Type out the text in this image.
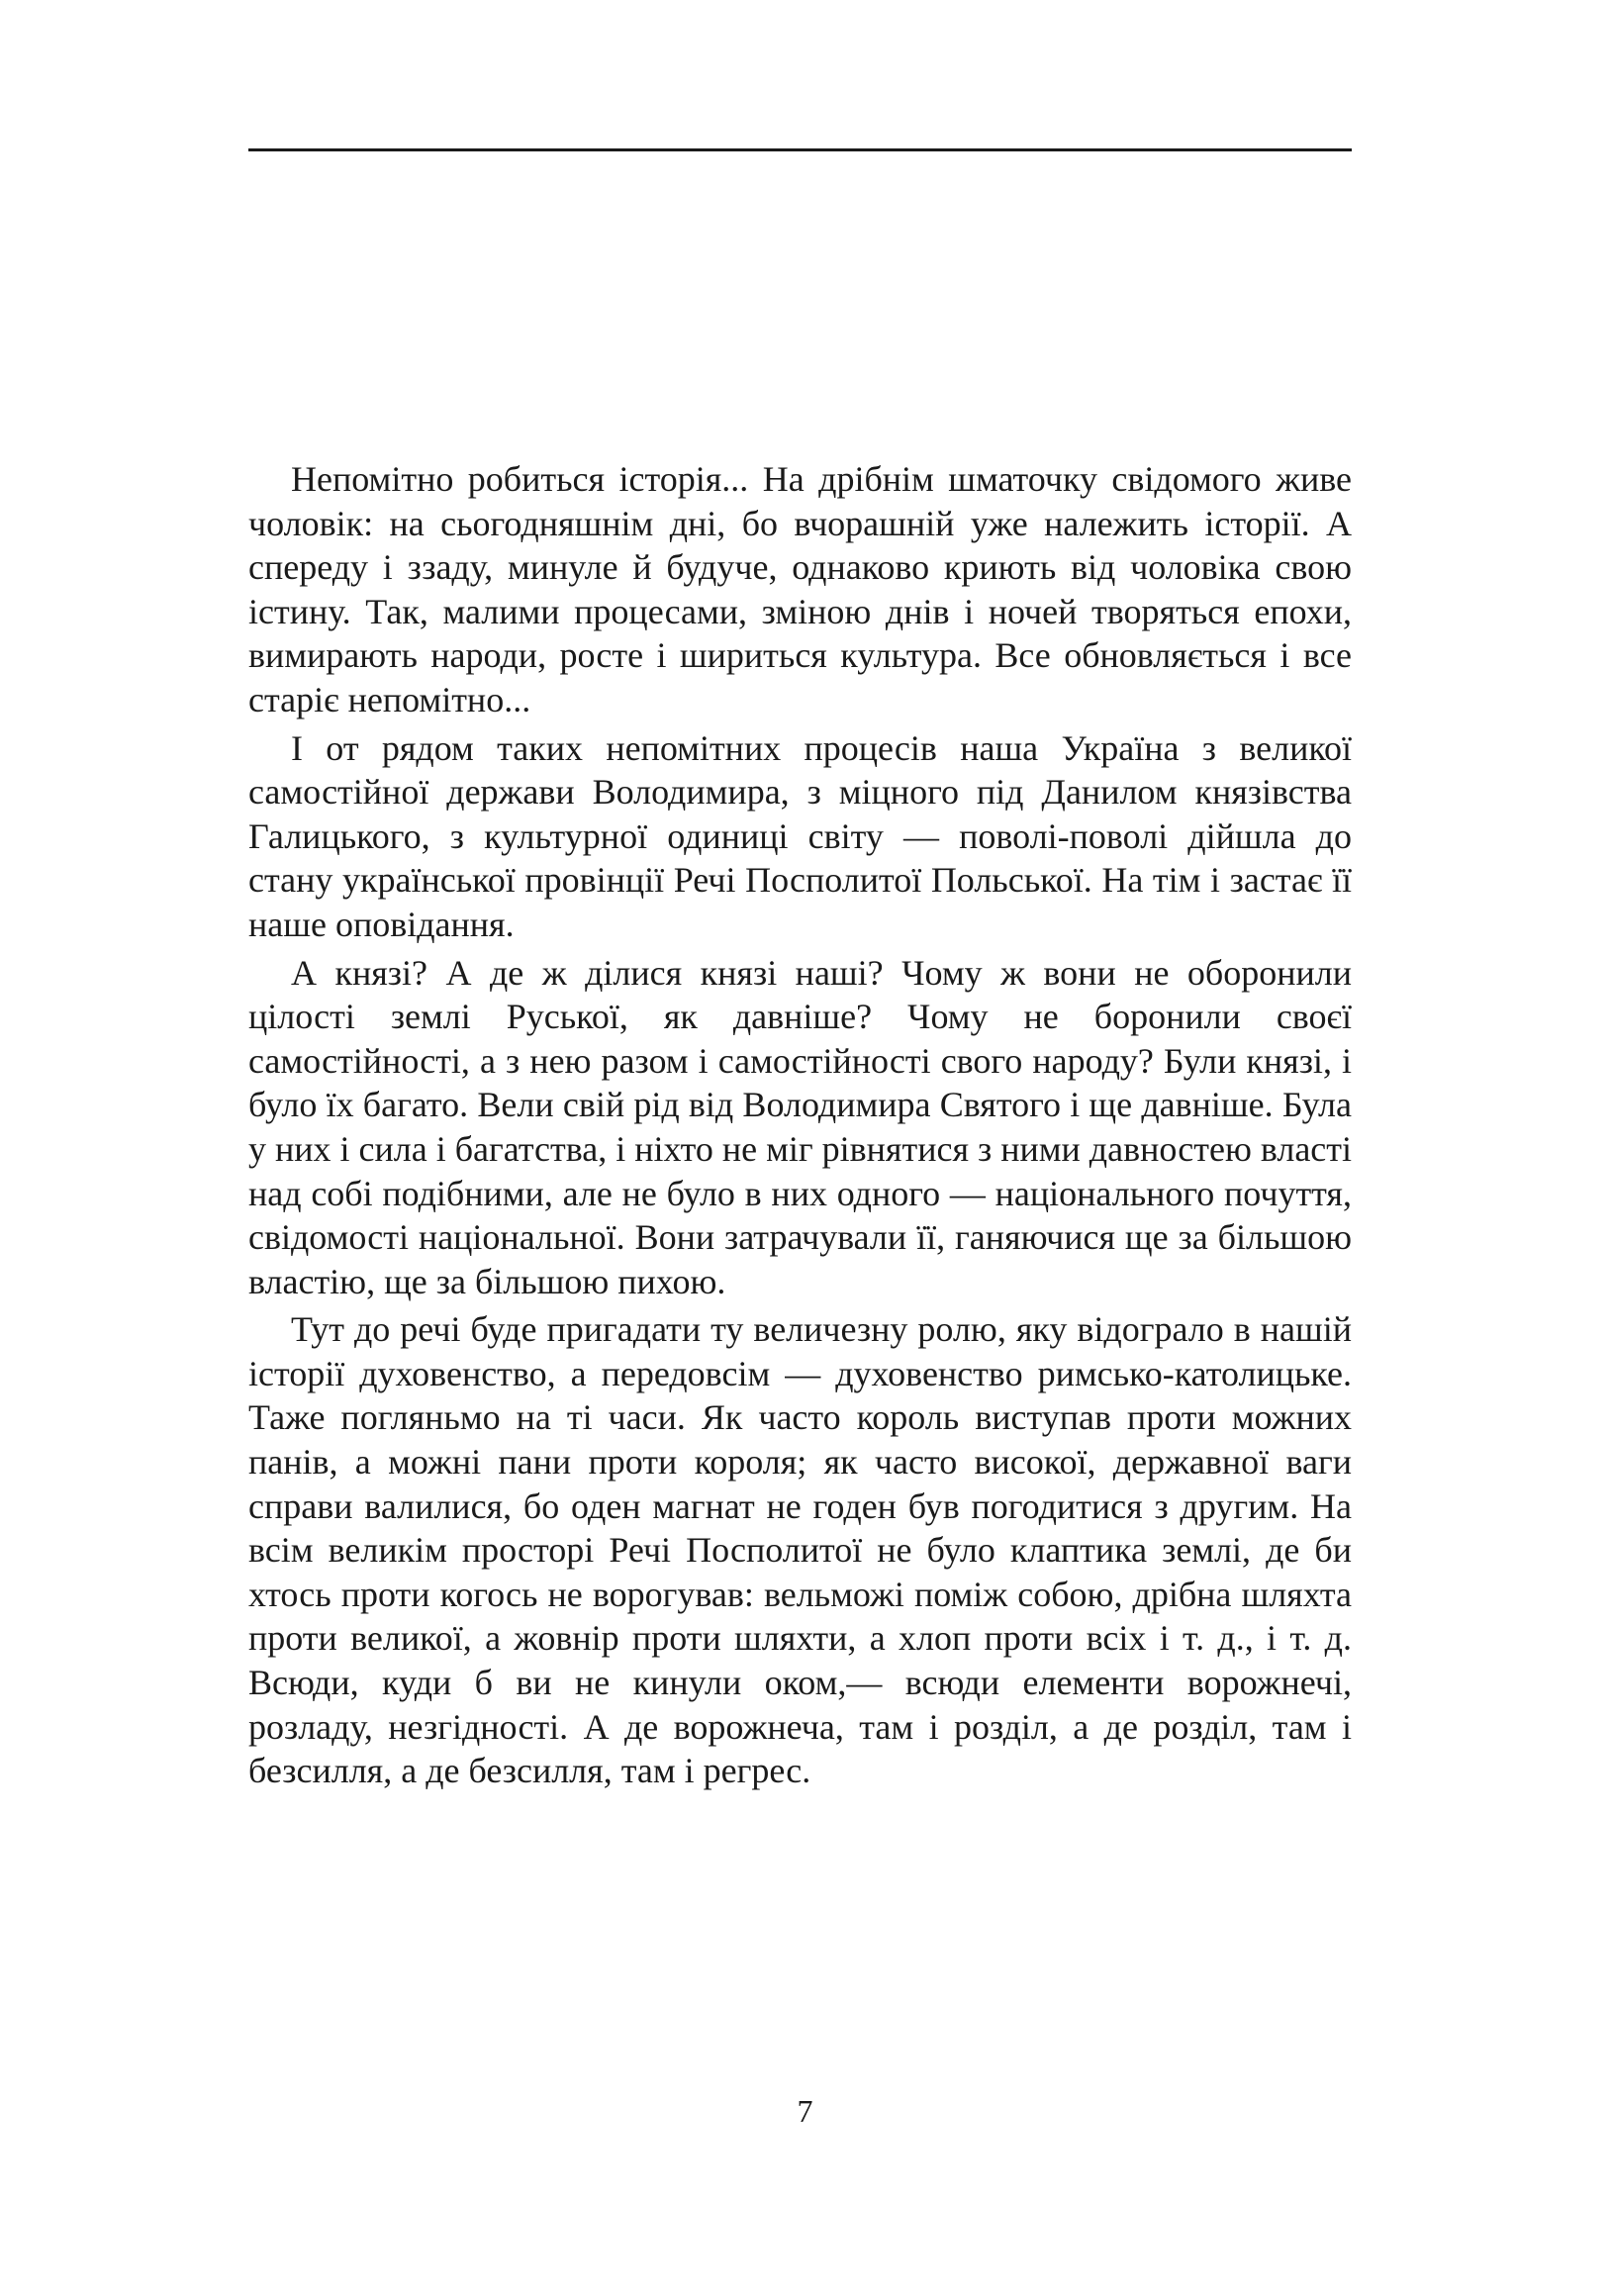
Непомітно робиться історія... На дрібнім шматочку свідомого живе чоловік: на сьогодняшнім дні, бо вчорашній уже належить історії. А спереду і ззаду, минуле й будуче, однаково криють від чоловіка свою істину. Так, малими процесами, зміною днів і ночей творяться епохи, вимирають народи, росте і шириться культура. Все обновляється і все старіє непомітно...

І от рядом таких непомітних процесів наша Україна з великої самостійної держави Володимира, з міцного під Данилом князівства Галицького, з культурної одиниці світу — поволі-поволі дійшла до стану української провінції Речі Посполитої Польської. На тім і застає її наше оповідання.

А князі? А де ж ділися князі наші? Чому ж вони не оборонили цілості землі Руської, як давніше? Чому не боронили своєї самостійності, а з нею разом і самостійності свого народу? Були князі, і було їх багато. Вели свій рід від Володимира Святого і ще давніше. Була у них і сила і багатства, і ніхто не міг рівнятися з ними давностею власті над собі подібними, але не було в них одного — національного почуття, свідомості національної. Вони затрачували її, ганяючися ще за більшою властію, ще за більшою пихою.

Тут до речі буде пригадати ту величезну ролю, яку відограло в нашій історії духовенство, а передовсім — духовенство римсько-католицьке. Таже погляньмо на ті часи. Як часто король виступав проти можних панів, а можні пани проти короля; як часто високої, державної ваги справи валилися, бо оден магнат не годен був погодитися з другим. На всім великім просторі Речі Посполитої не було клаптика землі, де би хтось проти когось не ворогував: вельможі поміж собою, дрібна шляхта проти великої, а жовнір проти шляхти, а хлоп проти всіх і т. д., і т. д. Всюди, куди б ви не кинули оком,— всюди елементи ворожнечі, розладу, незгідності. А де ворожнеча, там і розділ, а де розділ, там і безсилля, а де безсилля, там і регрес.

7
